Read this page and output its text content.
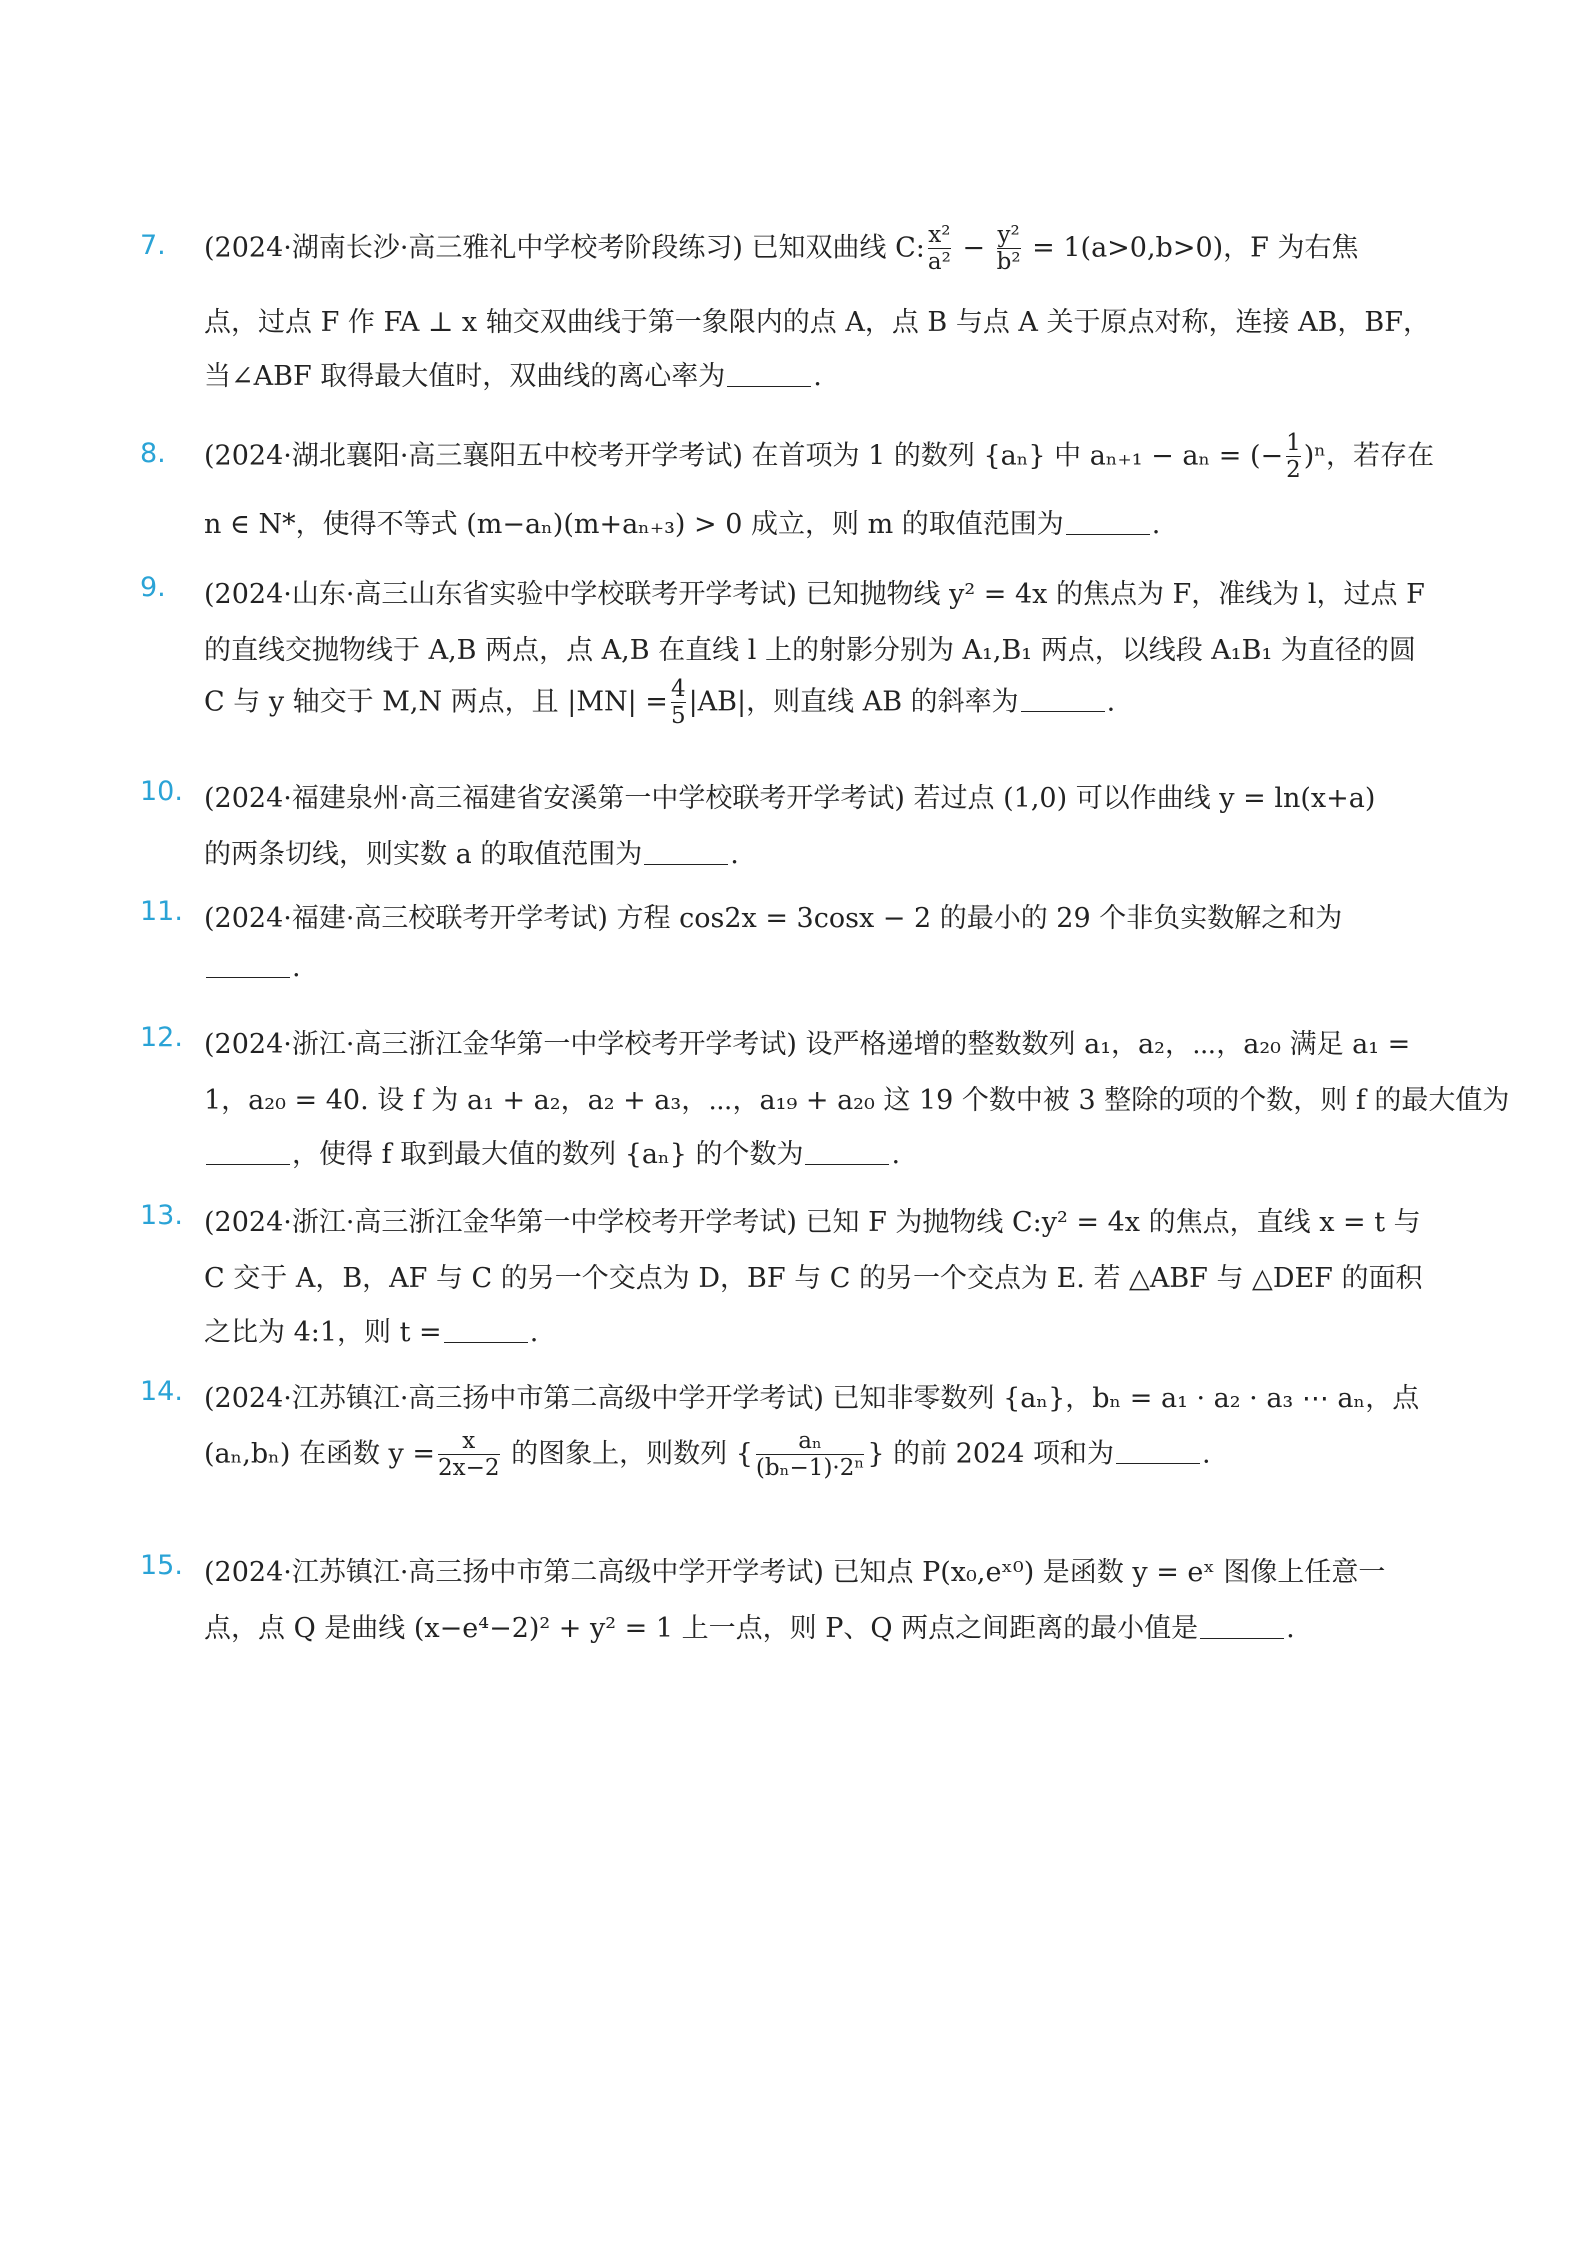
7.	(2024·湖南长沙·高三雅礼中学校考阶段练习) 已知双曲线 C: $\frac{\text{x²}}{\text{a²}} - \frac{\text{y²}}{\text{b²}} = 1(a>0,b>0)$，F 为右焦
点，过点 F 作 FA ⊥ x 轴交双曲线于第一象限内的点 A，点 B 与点 A 关于原点对称，连接 AB，BF，
当∠ABF 取得最大值时，双曲线的离心率为	.
8.	(2024·湖北襄阳·高三襄阳五中校考开学考试) 在首项为 1 的数列 {aₙ} 中 aₙ₊₁ − aₙ = (− $\frac{1}{2} )^n$，若存在
n ∈ N*，使得不等式 (m−aₙ)(m+aₙ₊₃) > 0 成立，则 m 的取值范围为	.
9.	(2024·山东·高三山东省实验中学校联考开学考试) 已知抛物线 y² = 4x 的焦点为 F，准线为 l，过点 F
的直线交抛物线于 A,B 两点，点 A,B 在直线 l 上的射影分别为 A₁,B₁ 两点，以线段 A₁B₁ 为直径的圆
C 与 y 轴交于 M,N 两点，且 $|MN| = \frac{4}{5} |AB|$，则直线 AB 的斜率为	.
10. (2024·福建泉州·高三福建省安溪第一中学校联考开学考试) 若过点 (1,0) 可以作曲线 y = ln(x+a)
的两条切线，则实数 a 的取值范围为	.
11. (2024·福建·高三校联考开学考试) 方程 cos2x = 3cosx − 2 的最小的 29 个非负实数解之和为
.
12. (2024·浙江·高三浙江金华第一中学校考开学考试) 设严格递增的整数数列 a₁，a₂，⋯，a₂₀ 满足 a₁ =
1，a₂₀ = 40. 设 f 为 a₁ + a₂，a₂ + a₃，⋯，a₁₉ + a₂₀ 这 19 个数中被 3 整除的项的个数，则 f 的最大值为
，使得 f 取到最大值的数列 {aₙ} 的个数为	.
13. (2024·浙江·高三浙江金华第一中学校考开学考试) 已知 F 为抛物线 C:y² = 4x 的焦点，直线 x = t 与
C 交于 A，B，AF 与 C 的另一个交点为 D，BF 与 C 的另一个交点为 E. 若 △ABF 与 △DEF 的面积
之比为 4:1，则 t =	.
14. (2024·江苏镇江·高三扬中市第二高级中学开学考试) 已知非零数列 {aₙ}，bₙ = a₁ · a₂ · a₃ ⋯ aₙ，点
(aₙ,bₙ) 在函数 $y = \frac{x}{2x-2}$ 的图象上，则数列 { $\frac{\text{aₙ}}{\text{(bₙ−1)·2ⁿ}}$ } 的前 2024 项和为	.
15. (2024·江苏镇江·高三扬中市第二高级中学开学考试) 已知点 P(x₀,eˣ⁰) 是函数 y = eˣ 图像上任意一
点，点 Q 是曲线 (x−e⁴−2)² + y² = 1 上一点，则 P、Q 两点之间距离的最小值是	.
